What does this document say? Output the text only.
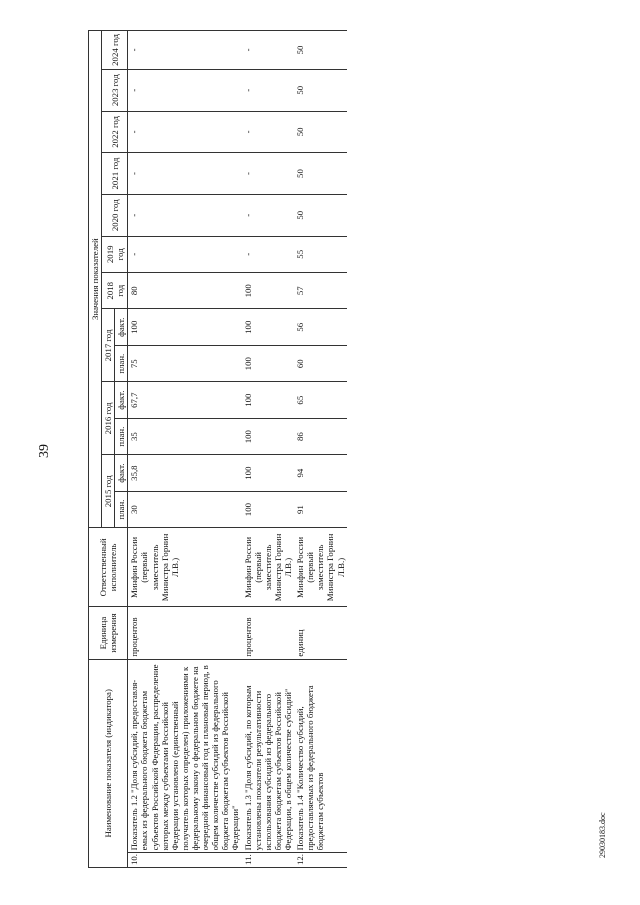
39
Наименование показателя (индикатора)		Единица измерения	Ответственный исполнитель	Значения показателей												
				2015 год		2016 год		2017 год		2018 год	2019 год	2020 год	2021 год	2022 год	2023 год	2024 год
				план.	факт.	план.	факт.	план.	факт.							
10.	Показатель 1.2 "Доля субсидий, предоставля-емых из федерального бюджета бюджетам субъектов Российской Федерации, распределение которых между субъектами Российской Федерации установлено (единственный получатель которых определен) приложениями к федеральному закону о федеральном бюджете на очередной финансовый год и плановый период, в общем количестве субсидий из федерального бюджета бюджетам субъектов Российской Федерации"	процентов	Минфин России (первый заместитель Министра Горнин Л.В.)	30	35,8	35	67,7	75	100	80	-	-	-	-	-	-
11.	Показатель 1.3 "Доля субсидий, по которым установлены показатели результативности использования субсидий из федерального бюджета бюджетам субъектов Российской Федерации, в общем количестве субсидий"	процентов	Минфин России (первый заместитель Министра Горнин Л.В.)	100	100	100	100	100	100	100	-	-	-	-	-	-
12.	Показатель 1.4 "Количество субсидий, предоставляемых из федерального бюджета бюджетам субъектов	единиц	Минфин России (первый заместитель Министра Горнин Л.В.)	91	94	86	65	60	56	57	55	50	50	50	50	50
29030183.doc
